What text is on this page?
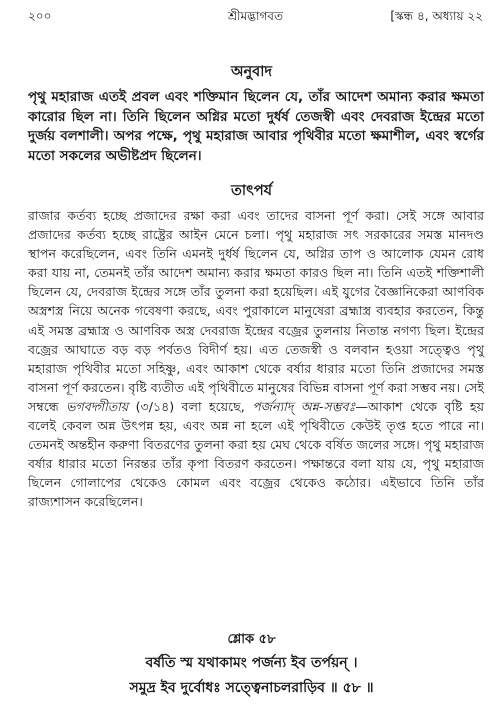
২০০	শ্রীমদ্ভাগবত	[স্কন্ধ ৪, অধ্যায় ২২
অনুবাদ

পৃথু মহারাজ এতই প্রবল এবং শক্তিমান ছিলেন যে, তাঁর আদেশ অমান্য করার ক্ষমতা কারোর ছিল না। তিনি ছিলেন অগ্নির মতো দুর্ধর্ষ তেজস্বী এবং দেবরাজ ইন্দ্রের মতো দুর্জয় বলশালী। অপর পক্ষে, পৃথু মহারাজ আবার পৃথিবীর মতো ক্ষমাশীল, এবং স্বর্গের মতো সকলের অভীষ্টপ্রদ ছিলেন।

তাৎপর্য

রাজার কর্তব্য হচ্ছে প্রজাদের রক্ষা করা এবং তাদের বাসনা পূর্ণ করা। সেই সঙ্গে আবার প্রজাদের কর্তব্য হচ্ছে রাষ্ট্রের আইন মেনে চলা। পৃথু মহারাজ সৎ সরকারের সমস্ত মানদণ্ড স্থাপন করেছিলেন, এবং তিনি এমনই দুর্ধর্ষ ছিলেন যে, অগ্নির তাপ ও আলোক যেমন রোধ করা যায় না, তেমনই তাঁর আদেশ অমান্য করার ক্ষমতা কারও ছিল না। তিনি এতই শক্তিশালী ছিলেন যে, দেবরাজ ইন্দ্রের সঙ্গে তাঁর তুলনা করা হয়েছিল। এই যুগের বৈজ্ঞানিকেরা আণবিক অস্ত্রশস্ত্র নিয়ে অনেক গবেষণা করছে, এবং পুরাকালে মানুষেরা ব্রহ্মাস্ত্র ব্যবহার করতেন, কিন্তু এই সমস্ত ব্রহ্মাস্ত্র ও আণবিক অস্ত্র দেবরাজ ইন্দ্রের বজ্রের তুলনায় নিতান্ত নগণ্য ছিল। ইন্দ্রের বজ্রের আঘাতে বড় বড় পর্বতও বিদীর্ণ হয়। এত তেজস্বী ও বলবান হওয়া সত্ত্বেও পৃথু মহারাজ পৃথিবীর মতো সহিষ্ণু, এবং আকাশ থেকে বর্ষার ধারার মতো তিনি প্রজাদের সমস্ত বাসনা পূর্ণ করতেন। বৃষ্টি ব্যতীত এই পৃথিবীতে মানুষের বিভিন্ন বাসনা পূর্ণ করা সম্ভব নয়। সেই সম্বন্ধে ভগবদ্গীতায় (৩/১৪) বলা হয়েছে, পর্জন্যাদ্ অন্ন-সম্ভবঃ—আকাশ থেকে বৃষ্টি হয় বলেই কেবল অন্ন উৎপন্ন হয়, এবং অন্ন না হলে এই পৃথিবীতে কেউই তৃপ্ত হতে পারে না। তেমনই অন্তহীন করুণা বিতরণের তুলনা করা হয় মেঘ থেকে বর্ষিত জলের সঙ্গে। পৃথু মহারাজ বর্ষার ধারার মতো নিরন্তর তাঁর কৃপা বিতরণ করতেন। পক্ষান্তরে বলা যায় যে, পৃথু মহারাজ ছিলেন গোলাপের থেকেও কোমল এবং বজ্রের থেকেও কঠোর। এইভাবে তিনি তাঁর রাজ্যশাসন করেছিলেন।

শ্লোক ৫৮
বর্ষতি স্ম যথাকামং পর্জন্য ইব তর্পয়ন্ ।
সমুদ্র ইব দুর্বোধঃ সত্ত্বেনাচলরাড়িব ॥ ৫৮ ॥
